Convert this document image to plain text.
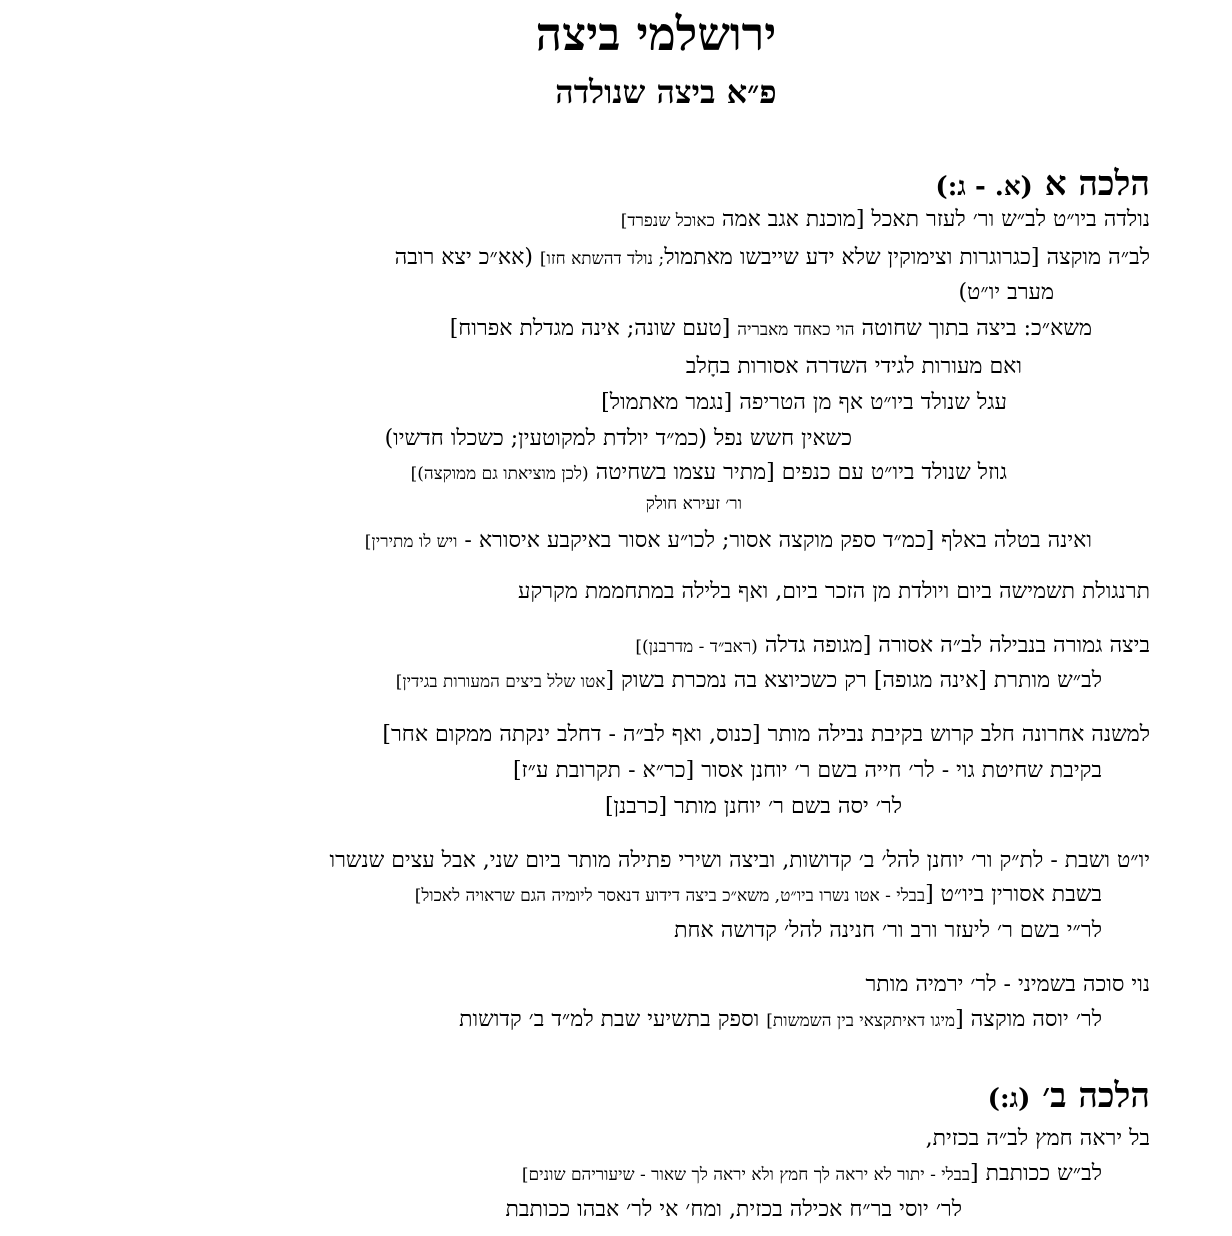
ירושלמי ביצה
פ״א ביצה שנולדה
הלכה א (א. - ג:)
נולדה ביו״ט לב״ש ור׳ לעזר תאכל [מוכנת אגב אמה כאוכל שנפרד]
לב״ה מוקצה [כגרוגרות וצימוקין שלא ידע שייבשו מאתמול; נולד דהשתא חזו] (אא״כ יצא רובה
מערב יו״ט)
משא״כ: ביצה בתוך שחוטה הוי כאחד מאבריה [טעם שונה; אינה מגדלת אפרוח]
ואם מעורות לגידי השדרה אסורות בחָלב
עגל שנולד ביו״ט אף מן הטריפה [נגמר מאתמול]
כשאין חשש נפל (כמ״ד יולדת למקוטעין; כשכלו חדשיו)
גוזל שנולד ביו״ט עם כנפים [מתיר עצמו בשחיטה (לכן מוציאתו גם ממוקצה)]
ור׳ זעירא חולק
ואינה בטלה באלף [כמ״ד ספק מוקצה אסור; לכו״ע אסור באיקבע איסורא - ויש לו מתירין]
תרנגולת תשמישה ביום ויולדת מן הזכר ביום, ואף בלילה במתחממת מקרקע
ביצה גמורה בנבילה לב״ה אסורה [מגופה גדלה (ראב״ד - מדרבנן)]
לב״ש מותרת [אינה מגופה] רק כשכיוצא בה נמכרת בשוק [אטו שלל ביצים המעורות בגידין]
למשנה אחרונה חלב קרוש בקיבת נבילה מותר [כנוס, ואף לב״ה - דחלב ינקתה ממקום אחר]
בקיבת שחיטת גוי - לר׳ חייה בשם ר׳ יוחנן אסור [כר״א - תקרובת ע״ז]
לר׳ יסה בשם ר׳ יוחנן מותר [כרבנן]
יו״ט ושבת - לת״ק ור׳ יוחנן להל׳ ב׳ קדושות, וביצה ושירי פתילה מותר ביום שני, אבל עצים שנשרו
בשבת אסורין ביו״ט [בבלי - אטו נשרו ביו״ט, משא״כ ביצה דידוע דנאסר ליומיה הגם שראויה לאכול]
לר״י בשם ר׳ ליעזר ורב ור׳ חנינה להל׳ קדושה אחת
נוי סוכה בשמיני - לר׳ ירמיה מותר
לר׳ יוסה מוקצה [מיגו דאיתקצאי בין השמשות] וספק בתשיעי שבת למ״ד ב׳ קדושות
הלכה ב׳ (ג:)
בל יראה חמץ לב״ה בכזית,
לב״ש ככותבת [בבלי - יתור לא יראה לך חמץ ולא יראה לך שאור - שיעוריהם שונים]
לר׳ יוסי בר״ח אכילה בכזית, ומח׳ אי לר׳ אבהו ככותבת
